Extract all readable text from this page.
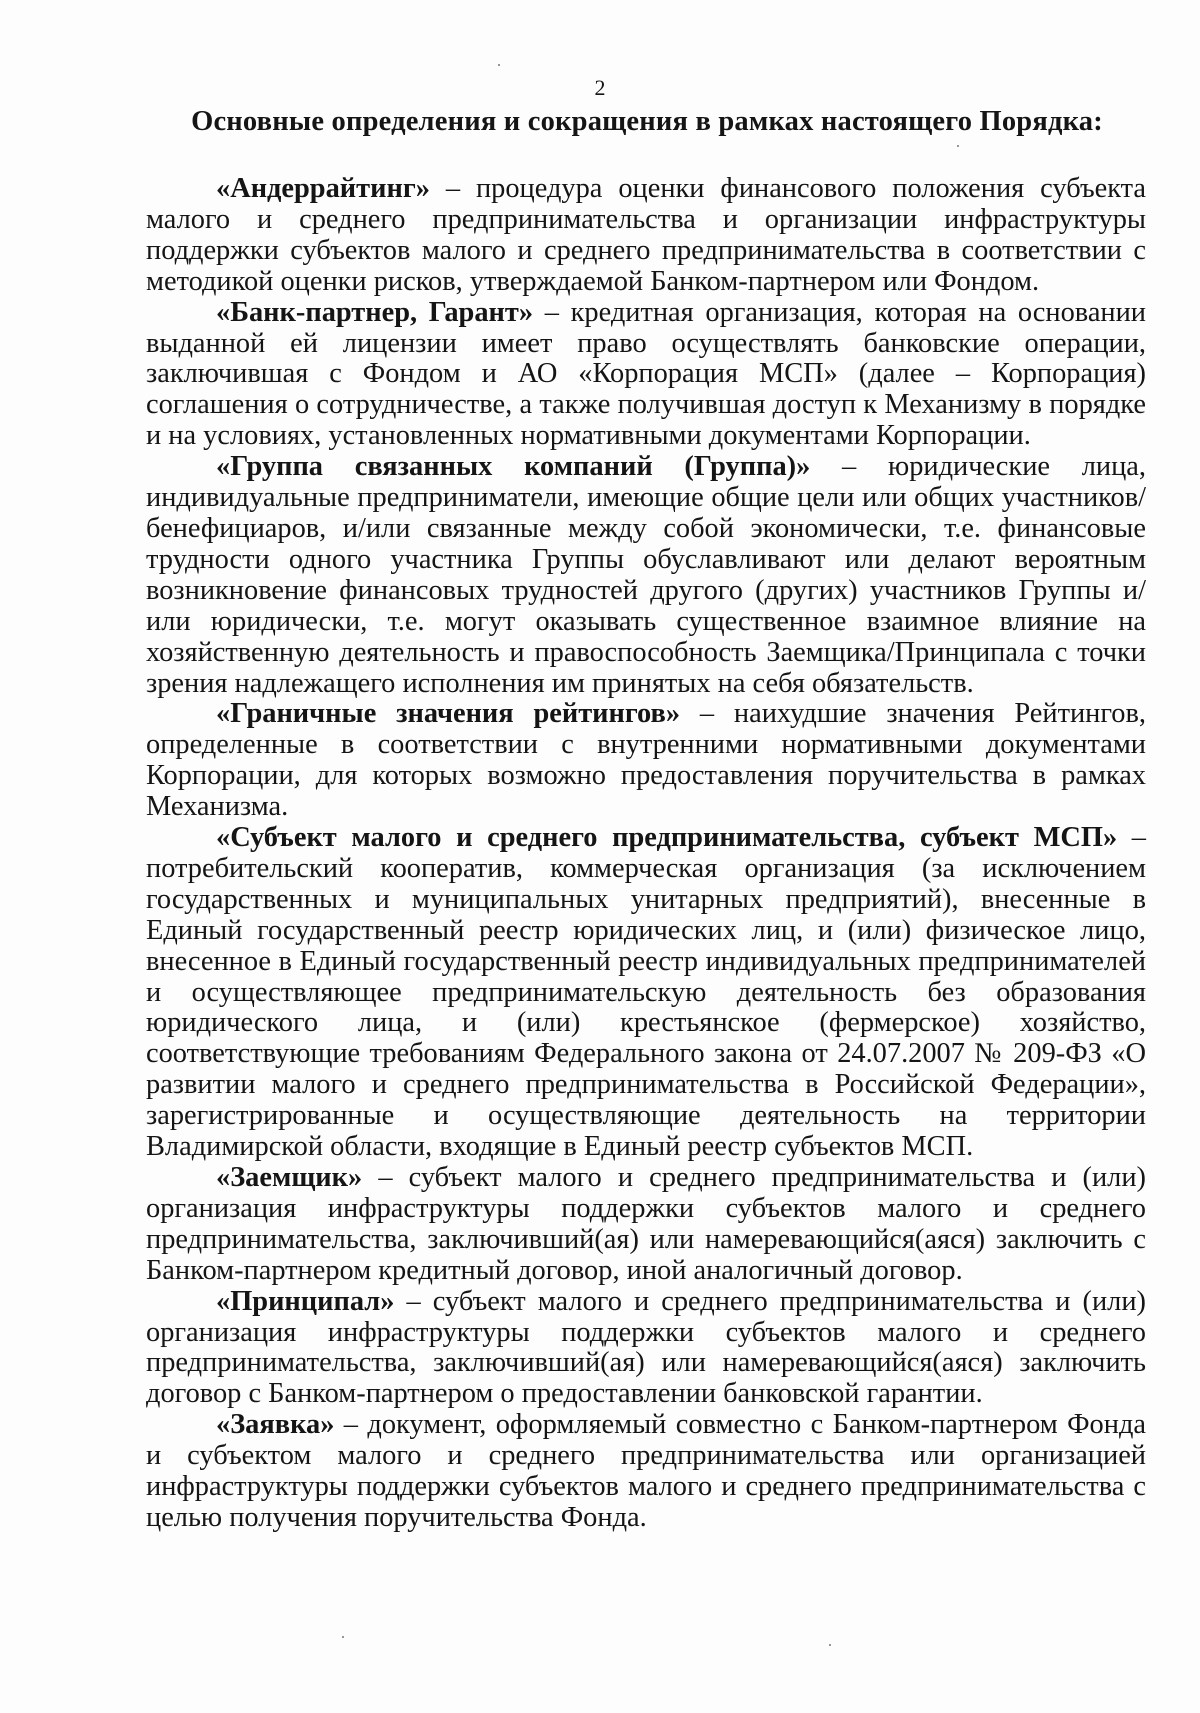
2
Основные определения и сокращения в рамках настоящего Порядка:

«Андеррайтинг» – процедура оценки финансового положения субъекта малого и среднего предпринимательства и организации инфраструктуры поддержки субъектов малого и среднего предпринимательства в соответствии с методикой оценки рисков, утверждаемой Банком-партнером или Фондом.

«Банк-партнер, Гарант» – кредитная организация, которая на основании выданной ей лицензии имеет право осуществлять банковские операции, заключившая с Фондом и АО «Корпорация МСП» (далее – Корпорация) соглашения о сотрудничестве, а также получившая доступ к Механизму в порядке и на условиях, установленных нормативными документами Корпорации.

«Группа связанных компаний (Группа)» – юридические лица, индивидуальные предприниматели, имеющие общие цели или общих участников/бенефициаров, и/или связанные между собой экономически, т.е. финансовые трудности одного участника Группы обуславливают или делают вероятным возникновение финансовых трудностей другого (других) участников Группы и/или юридически, т.е. могут оказывать существенное взаимное влияние на хозяйственную деятельность и правоспособность Заемщика/Принципала с точки зрения надлежащего исполнения им принятых на себя обязательств.

«Граничные значения рейтингов» – наихудшие значения Рейтингов, определенные в соответствии с внутренними нормативными документами Корпорации, для которых возможно предоставления поручительства в рамках Механизма.

«Субъект малого и среднего предпринимательства, субъект МСП» – потребительский кооператив, коммерческая организация (за исключением государственных и муниципальных унитарных предприятий), внесенные в Единый государственный реестр юридических лиц, и (или) физическое лицо, внесенное в Единый государственный реестр индивидуальных предпринимателей и осуществляющее предпринимательскую деятельность без образования юридического лица, и (или) крестьянское (фермерское) хозяйство, соответствующие требованиям Федерального закона от 24.07.2007 № 209-ФЗ «О развитии малого и среднего предпринимательства в Российской Федерации», зарегистрированные и осуществляющие деятельность на территории Владимирской области, входящие в Единый реестр субъектов МСП.

«Заемщик» – субъект малого и среднего предпринимательства и (или) организация инфраструктуры поддержки субъектов малого и среднего предпринимательства, заключивший(ая) или намеревающийся(аяся) заключить с Банком-партнером кредитный договор, иной аналогичный договор.

«Принципал» – субъект малого и среднего предпринимательства и (или) организация инфраструктуры поддержки субъектов малого и среднего предпринимательства, заключивший(ая) или намеревающийся(аяся) заключить договор с Банком-партнером о предоставлении банковской гарантии.

«Заявка» – документ, оформляемый совместно с Банком-партнером Фонда и субъектом малого и среднего предпринимательства или организацией инфраструктуры поддержки субъектов малого и среднего предпринимательства с целью получения поручительства Фонда.
